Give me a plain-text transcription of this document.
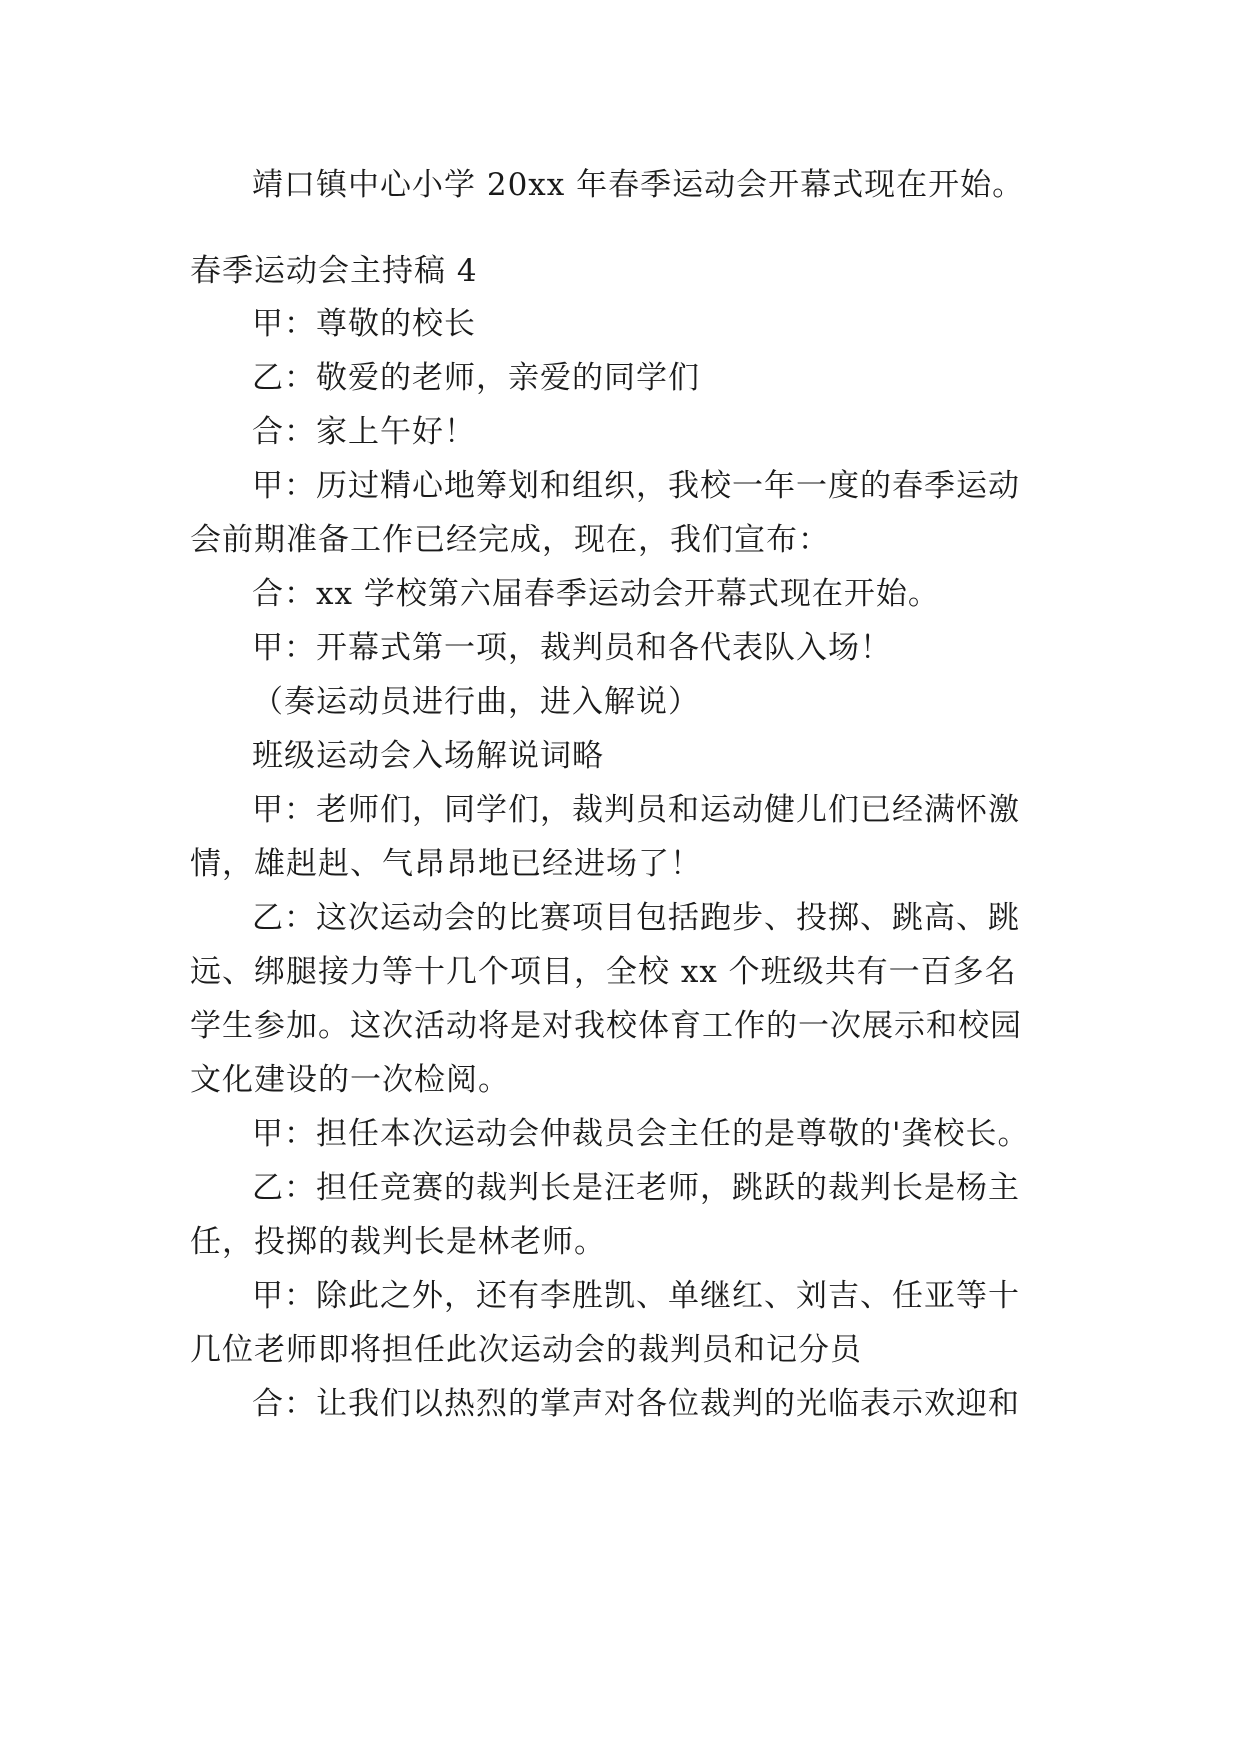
靖口镇中心小学 20xx 年春季运动会开幕式现在开始。
春季运动会主持稿 4
甲：尊敬的校长
乙：敬爱的老师，亲爱的同学们
合：家上午好！
甲：历过精心地筹划和组织，我校一年一度的春季运动
会前期准备工作已经完成，现在，我们宣布：
合：xx 学校第六届春季运动会开幕式现在开始。
甲：开幕式第一项，裁判员和各代表队入场！
（奏运动员进行曲，进入解说）
班级运动会入场解说词略
甲：老师们，同学们，裁判员和运动健儿们已经满怀激
情，雄赳赳、气昂昂地已经进场了！
乙：这次运动会的比赛项目包括跑步、投掷、跳高、跳
远、绑腿接力等十几个项目，全校 xx 个班级共有一百多名
学生参加。这次活动将是对我校体育工作的一次展示和校园
文化建设的一次检阅。
甲：担任本次运动会仲裁员会主任的是尊敬的'龚校长。
乙：担任竞赛的裁判长是汪老师，跳跃的裁判长是杨主
任，投掷的裁判长是林老师。
甲：除此之外，还有李胜凯、单继红、刘吉、任亚等十
几位老师即将担任此次运动会的裁判员和记分员
合：让我们以热烈的掌声对各位裁判的光临表示欢迎和
